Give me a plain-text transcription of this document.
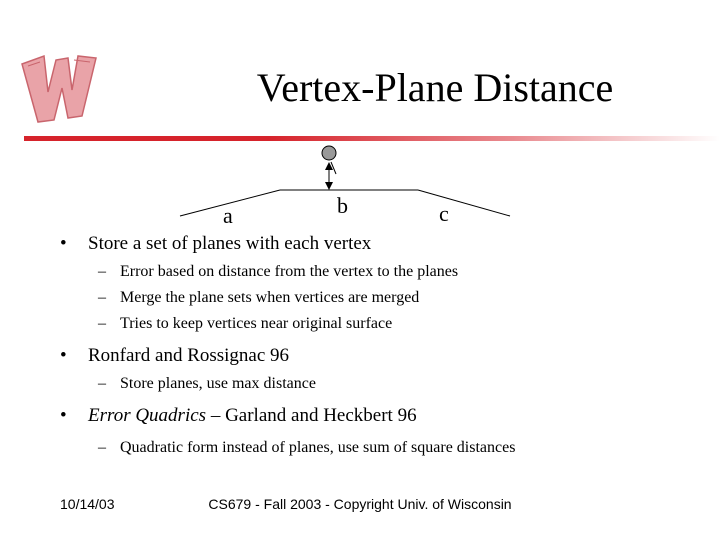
Vertex-Plane Distance
a	b	c
• Store a set of planes with each vertex
– Error based on distance from the vertex to the planes
– Merge the plane sets when vertices are merged
– Tries to keep vertices near original surface
• Ronfard and Rossignac 96
– Store planes, use max distance
• Error Quadrics – Garland and Heckbert 96
– Quadratic form instead of planes, use sum of square distances
10/14/03	CS679 - Fall 2003 - Copyright Univ. of Wisconsin
